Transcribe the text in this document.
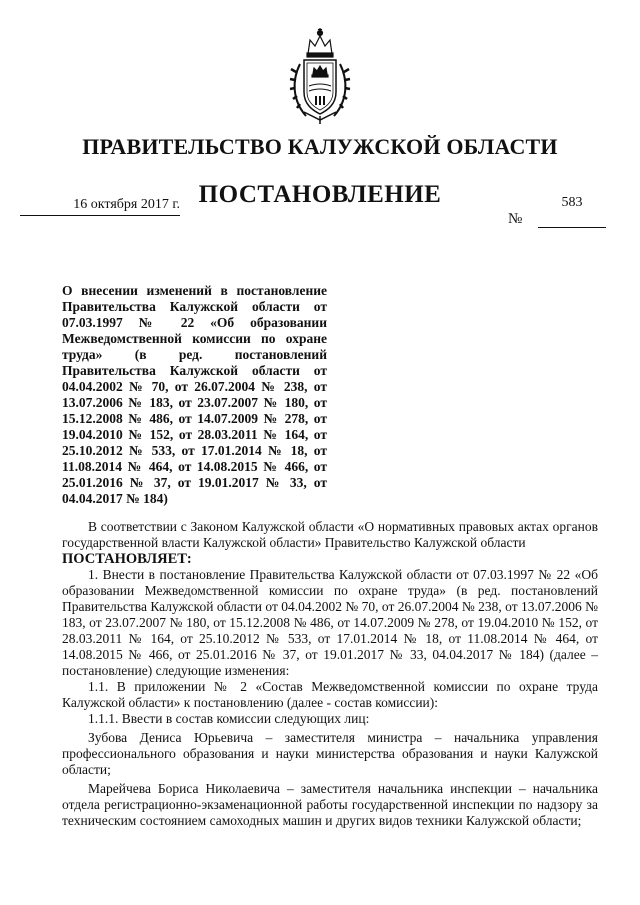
ПРАВИТЕЛЬСТВО КАЛУЖСКОЙ ОБЛАСТИ
ПОСТАНОВЛЕНИЕ
16 октября 2017 г.
№
583
О внесении изменений в постановление Правительства Калужской области от 07.03.1997 № 22 «Об образовании Межведомственной комиссии по охране труда» (в ред. постановлений Правительства Калужской области от 04.04.2002 № 70, от 26.07.2004 № 238, от 13.07.2006 № 183, от 23.07.2007 № 180, от 15.12.2008 № 486, от 14.07.2009 № 278, от 19.04.2010 № 152, от 28.03.2011 № 164, от 25.10.2012 № 533, от 17.01.2014 № 18, от 11.08.2014 № 464, от 14.08.2015 № 466, от 25.01.2016 № 37, от 19.01.2017 № 33, от 04.04.2017 № 184)

В соответствии с Законом Калужской области «О нормативных правовых актах органов государственной власти Калужской области» Правительство Калужской области

ПОСТАНОВЛЯЕТ:

1. Внести в постановление Правительства Калужской области от 07.03.1997 № 22 «Об образовании Межведомственной комиссии по охране труда» (в ред. постановлений Правительства Калужской области от 04.04.2002 № 70, от 26.07.2004 № 238, от 13.07.2006 № 183, от 23.07.2007 № 180, от 15.12.2008 № 486, от 14.07.2009 № 278, от 19.04.2010 № 152, от 28.03.2011 № 164, от 25.10.2012 № 533, от 17.01.2014 № 18, от 11.08.2014 № 464, от 14.08.2015 № 466, от 25.01.2016 № 37, от 19.01.2017 № 33, 04.04.2017 № 184) (далее – постановление) следующие изменения:

1.1. В приложении № 2 «Состав Межведомственной комиссии по охране труда Калужской области» к постановлению (далее - состав комиссии):

1.1.1. Ввести в состав комиссии следующих лиц:

Зубова Дениса Юрьевича – заместителя министра – начальника управления профессионального образования и науки министерства образования и науки Калужской области;

Марейчева Бориса Николаевича – заместителя начальника инспекции – начальника отдела регистрационно-экзаменационной работы государственной инспекции по надзору за техническим состоянием самоходных машин и других видов техники Калужской области;
